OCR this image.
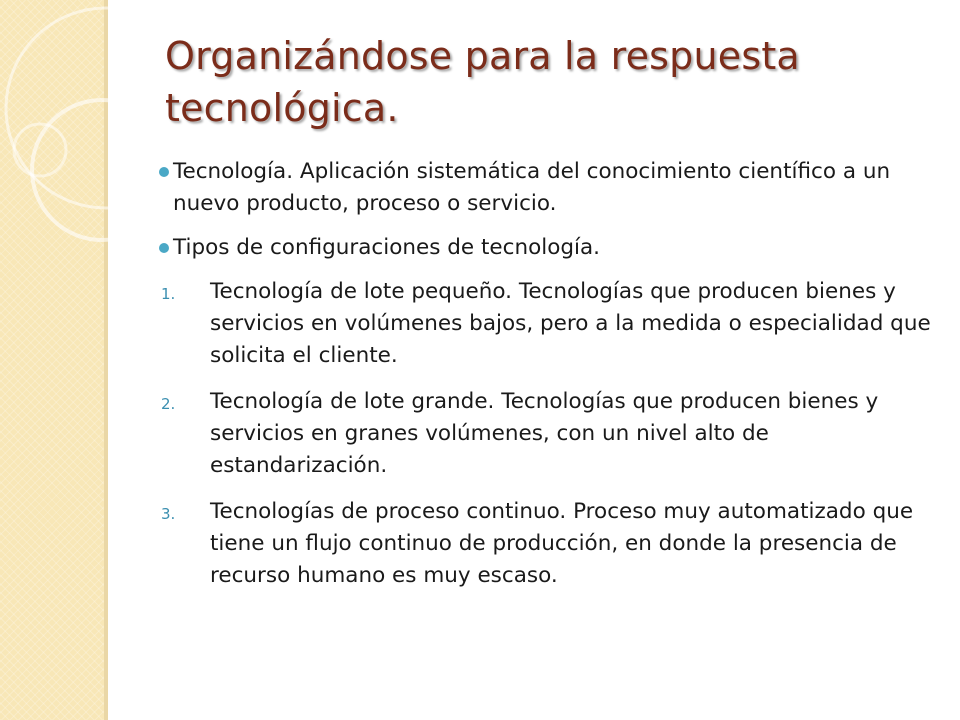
Organizándose para la respuesta tecnológica.
Tecnología. Aplicación sistemática del conocimiento científico a un nuevo producto, proceso o servicio.
Tipos de configuraciones de tecnología.
1. Tecnología de lote pequeño. Tecnologías que producen bienes y servicios en volúmenes bajos, pero a la medida o especialidad que solicita el cliente.
2. Tecnología de lote grande. Tecnologías que producen bienes y servicios en granes volúmenes, con un nivel alto de estandarización.
3. Tecnologías de proceso continuo. Proceso muy automatizado que tiene un flujo continuo de producción, en donde la presencia de recurso humano es muy escaso.
